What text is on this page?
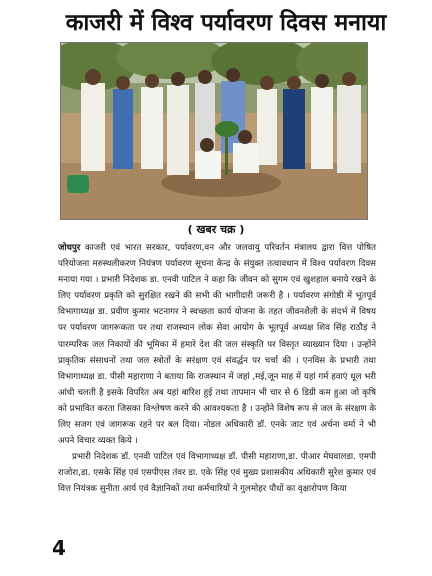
काजरी में विश्व पर्यावरण दिवस मनाया
( खबर चक्र )

जोधपुर काजरी एवं भारत सरकार, पर्यावरण,वन और जलवायु परिवर्तन मंत्रालय द्वारा वित्त पोषित परियोजना मरुस्थलीकरण नियंत्रण पर्यावरण सूचना केन्द्र के संयुक्त तत्वावधान में विश्व पर्यावरण दिवस मनाया गया । प्रभारी निदेशक डा. एनवी पाटिल ने कहा कि जीवन को सुगम एवं खुशहाल बनाये रखने के लिए पर्यावरण प्रकृति को सुरक्षित रखने की सभी की भागीदारी जरूरी है । पर्यावरण संगोष्ठी में भूतपूर्व विभागाध्यक्ष डा. प्रवीण कुमार भटनागर ने स्वच्छता कार्य योजना के तहत जीवनशैली के संदर्भ में विषय पर पर्यावरण जागरूकता पर तथा राजस्थान लोक सेवा आयोग के भूतपूर्व अध्यक्ष शिव सिंह राठौड़ ने पारम्परिक जल निकायों की भूमिका में हमारे देश की जल संस्कृति पर विस्तृत व्याख्यान दिया । उन्होंने प्राकृतिक संसाधनों तथा जल स्त्रोतों के सरंक्षण एवं संवर्द्धन पर चर्चा की । एनविस के प्रभारी तथा विभागाध्यक्ष डा. पीसी महाराणा ने बताया कि राजस्थान में जहां ,मई,जून माह में यहां गर्म हवाएं धूल भरी आंधी चलती है इसके विपरित अब यहां बारिश हुई तथा तापमान भी चार से 6 डिग्री कम हुआ जो कृषि को प्रभावित करता जिसका विश्लेषण करने की आवश्यकता है । उन्होंने विशेष रूप से जल के संरक्षण के लिए सजग एवं जागरूक रहने पर बल दिया। नोडल अधिकारी डॉ. एनके जाट एवं अर्चना वर्मा ने भी अपने विचार व्यक्त किये ।

प्रभारी निदेशक डॉ. एनवी पाटिल एवं विभागाध्यक्ष डॉ. पीसी महाराणा,डा. पीआर मेघवालडा. एमपी राजोरा,डा. एसके सिंह एवं एसपीएस तंवर डा. एके सिंह एवं मुख्य प्रशासकीय अधिकारी सुरेश कुमार एवं वित्त नियंत्रक सुनीता आर्य एवं वैज्ञानिकों तथा कर्मचारियों ने गुलमोहर पौधों का वृक्षारोपण किया

4
